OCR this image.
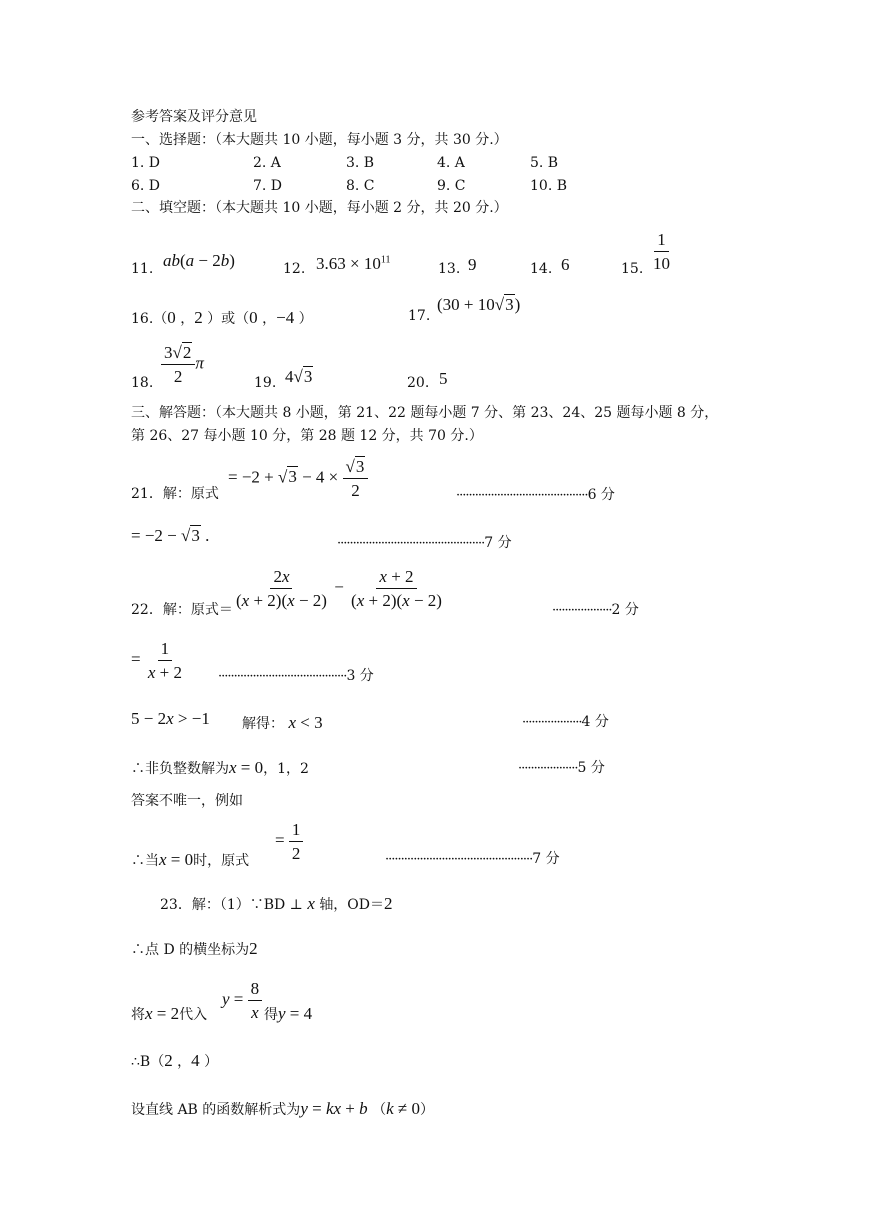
参考答案及评分意见
一、选择题：（本大题共 10 小题，每小题 3 分，共 30 分.）
1. D	2. A	3. B	4. A	5. B
6. D	7. D	8. C	9. C	10. B
二、填空题：（本大题共 10 小题，每小题 2 分，共 20 分.）
11. ab(a − 2b)	12. $3.63 \times 10^{11}$
13. 9	14. 6	15. $\frac{1}{10}$
16.（0 ，2 ）或（0 ，−4 ）	17.
(30 + 10√3)
18. $\frac{3√2}{2}$ π
19. 4√3	20. 5
三、解答题：（本大题共 8 小题，第 21、22 题每小题 7 分、第 23、24、25 题每小题 8 分，
第 26、27 每小题 10 分，第 28 题 12 分，共 70 分.）
21．解：原式
= $-2 + √3 - 4 \times \frac{√3}{2}$	··········································6 分
= −2 − √3 .	···············································7 分
22．解：原式＝
$\frac{2x}{(x + 2)(x - 2)} - \frac{x + 2}{(x + 2)(x - 2)}$
···················2 分
= $\frac{1}{x + 2}$	·········································3 分
5 − 2x > −1 解得： x < 3	···················4 分
∴非负整数解为x = 0，1，2	···················5 分
答案不唯一，例如
∴当x = 0时，原式
= $\frac{1}{2}$	···············································7 分
23．解：（1）∵BD ⊥ x 轴，OD＝2
∴点 D 的横坐标为2
将x = 2代入
$y = \frac{8}{x}$ 得y = 4
∴B（2 ，4 ）
设直线 AB 的函数解析式为y = kx + b （k ≠ 0）
